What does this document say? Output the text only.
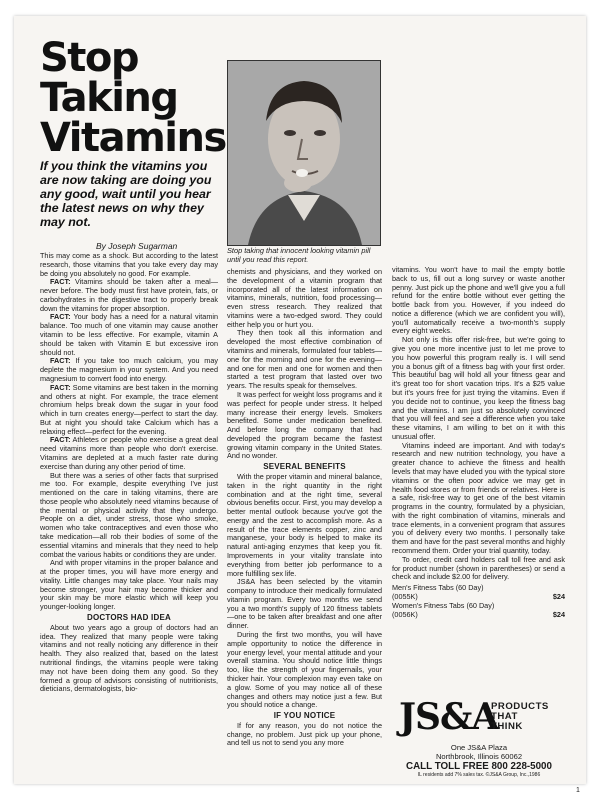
Stop
Taking
Vitamins

If you think the vitamins you are now taking are doing you any good, wait until you hear the latest news on why they may not.

Stop taking that innocent looking vitamin pill until you read this report.

By Joseph Sugarman

This may come as a shock. But according to the latest research, those vitamins that you take every day may be doing you absolutely no good. For example.

FACT: Vitamins should be taken after a meal—never before. The body must first have protein, fats, or carbohydrates in the digestive tract to properly break down the vitamins for proper absorption.

FACT: Your body has a need for a natural vitamin balance. Too much of one vitamin may cause another vitamin to be less effective. For example, vitamin A should be taken with Vitamin E but excessive iron should not.

FACT: If you take too much calcium, you may deplete the magnesium in your system. And you need magnesium to convert food into energy.

FACT: Some vitamins are best taken in the morning and others at night. For example, the trace element chromium helps break down the sugar in your food which in turn creates energy—perfect to start the day. But at night you should take Calcium which has a relaxing effect—perfect for the evening.

FACT: Athletes or people who exercise a great deal need vitamins more than people who don't exercise. Vitamins are depleted at a much faster rate during exercise than during any other period of time.

But there was a series of other facts that surprised me too. For example, despite everything I've just mentioned on the care in taking vitamins, there are those people who absolutely need vitamins because of the mental or physical activity that they undergo. People on a diet, under stress, those who smoke, women who take contraceptives and even those who take medication—all rob their bodies of some of the essential vitamins and minerals that they need to help combat the various habits or conditions they are under.

And with proper vitamins in the proper balance and at the proper times, you will have more energy and vitality. Little changes may take place. Your nails may become stronger, your hair may become thicker and your skin may be more elastic which will keep you younger-looking longer.

DOCTORS HAD IDEA

About two years ago a group of doctors had an idea. They realized that many people were taking vitamins and not really noticing any difference in their health. They also realized that, based on the latest nutritional findings, the vitamins people were taking may not have been doing them any good. So they formed a group of advisors consisting of nutritionists, dieticians, dermatologists, bio-

chemists and physicians, and they worked on the development of a vitamin program that incorporated all of the latest information on vitamins, minerals, nutrition, food processing—even stress research. They realized that vitamins were a two-edged sword. They could either help you or hurt you.

They then took all this information and developed the most effective combination of vitamins and minerals, formulated four tablets—one for the morning and one for the evening—and one for men and one for women and then started a test program that lasted over two years. The results speak for themselves.

It was perfect for weight loss programs and it was perfect for people under stress. It helped many increase their energy levels. Smokers benefited. Some under medication benefited. And before long the company that had developed the program became the fastest growing vitamin company in the United States. And no wonder.

SEVERAL BENEFITS

With the proper vitamin and mineral balance, taken in the right quantity in the right combination and at the right time, several obvious benefits occur. First, you may develop a better mental outlook because you've got the energy and the zest to accomplish more. As a result of the trace elements copper, zinc and manganese, your body is helped to make its natural anti-aging enzymes that keep you fit. Improvements in your vitality translate into everything from better job performance to a more fulfilling sex life.

JS&A has been selected by the vitamin company to introduce their medically formulated vitamin program. Every two months we send you a two month's supply of 120 fitness tablets—one to be taken after breakfast and one after dinner.

During the first two months, you will have ample opportunity to notice the difference in your energy level, your mental attitude and your overall stamina. You should notice little things too, like the strength of your fingernails, your thicker hair. Your complexion may even take on a glow. Some of you may notice all of these changes and others may notice just a few. But you should notice a change.

IF YOU NOTICE

If for any reason, you do not notice the change, no problem. Just pick up your phone, and tell us not to send you any more

vitamins. You won't have to mail the empty bottle back to us, fill out a long survey or waste another penny. Just pick up the phone and we'll give you a full refund for the entire bottle without ever getting the bottle back from you. However, if you indeed do notice a difference (which we are confident you will), you'll automatically receive a two-month's supply every eight weeks.

Not only is this offer risk-free, but we're going to give you one more incentive just to let me prove to you how powerful this program really is. I will send you a bonus gift of a fitness bag with your first order. This beautiful bag will hold all your fitness gear and it's great too for short vacation trips. It's a $25 value but it's yours free for just trying the vitamins. Even if you decide not to continue, you keep the fitness bag and the vitamins. I am just so absolutely convinced that you will feel and see a difference when you take these vitamins, I am willing to bet on it with this unusual offer.

Vitamins indeed are important. And with today's research and new nutrition technology, you have a greater chance to achieve the fitness and health levels that may have eluded you with the typical store vitamins or the often poor advice we may get in health food stores or from friends or relatives. Here is a safe, risk-free way to get one of the best vitamin programs in the country, formulated by a physician, with the right combination of vitamins, minerals and trace elements, in a convenient program that assures you of delivery every two months. I personally take them and have for the past several months and highly recommend them. Order your trial quantity, today.

To order, credit card holders call toll free and ask for product number (shown in parentheses) or send a check and include $2.00 for delivery.

Men's Fitness Tabs (60 Day)
(0055K)	$24
Women's Fitness Tabs (60 Day)
(0056K)	$24
JS&A
PRODUCTS
THAT
THINK
One JS&A Plaza
Northbrook, Illinois 60062
CALL TOLL FREE 800 228-5000
IL residents add 7% sales tax. ©JS&A Group, Inc.,1986
1
